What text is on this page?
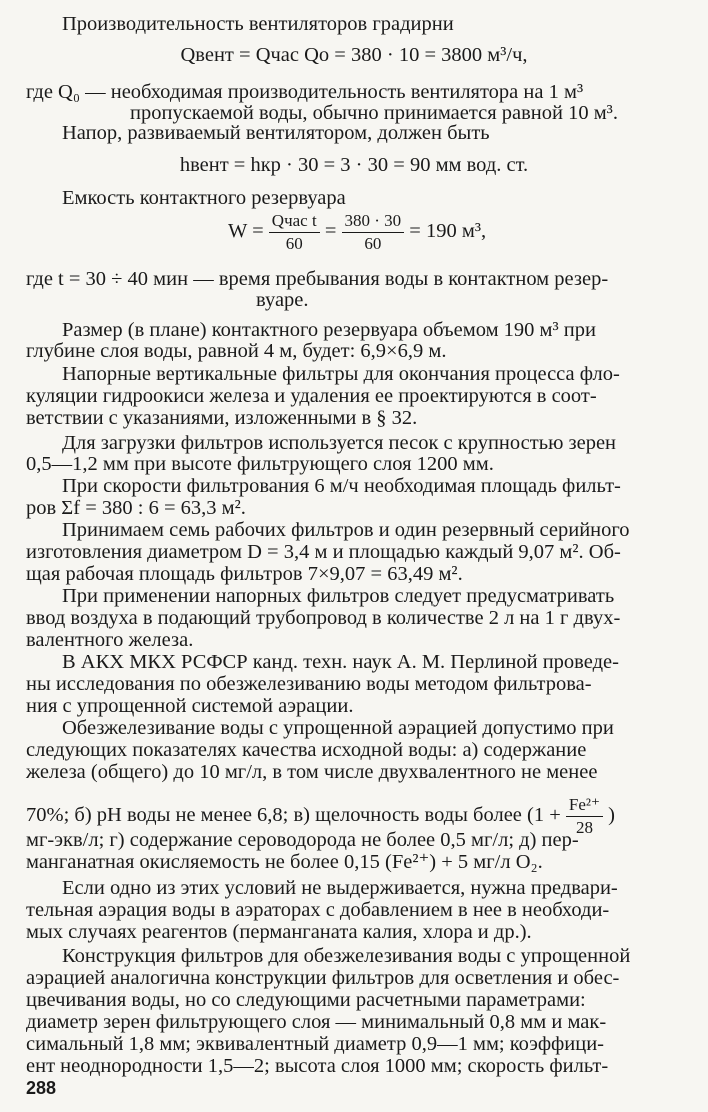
Производительность вентиляторов градирни
Qвент = Qчас Qо = 380 · 10 = 3800 м³/ч,
где Q₀ — необходимая производительность вентилятора на 1 м³
пропускаемой воды, обычно принимается равной 10 м³.
Напор, развиваемый вентилятором, должен быть
hвент = hкр · 30 = 3 · 30 = 90 мм вод. ст.
Емкость контактного резервуара
$W = \frac{\text{Qчас t}}{60} = \frac{380 \cdot 30}{60} = 190$ м³,
где t = 30 ÷ 40 мин — время пребывания воды в контактном резер-
вуаре.
Размер (в плане) контактного резервуара объемом 190 м³ при
глубине слоя воды, равной 4 м, будет: 6,9×6,9 м.
Напорные вертикальные фильтры для окончания процесса фло-
куляции гидроокиси железа и удаления ее проектируются в соот-
ветствии с указаниями, изложенными в § 32.
Для загрузки фильтров используется песок с крупностью зерен
0,5—1,2 мм при высоте фильтрующего слоя 1200 мм.
При скорости фильтрования 6 м/ч необходимая площадь фильт-
ров Σf = 380 : 6 = 63,3 м².
Принимаем семь рабочих фильтров и один резервный серийного
изготовления диаметром D = 3,4 м и площадью каждый 9,07 м². Об-
щая рабочая площадь фильтров 7×9,07 = 63,49 м².
При применении напорных фильтров следует предусматривать
ввод воздуха в подающий трубопровод в количестве 2 л на 1 г двух-
валентного железа.
В АКХ МКХ РСФСР канд. техн. наук А. М. Перлиной проведе-
ны исследования по обезжелезиванию воды методом фильтрова-
ния с упрощенной системой аэрации.
Обезжелезивание воды с упрощенной аэрацией допустимо при
следующих показателях качества исходной воды: а) содержание
железа (общего) до 10 мг/л, в том числе двухвалентного не менее
70%; б) pH воды не менее 6,8; в) щелочность воды более ($1 + \frac{\text{Fe²⁺}}{28}$ )
мг-экв/л; г) содержание сероводорода не более 0,5 мг/л; д) пер-
манганатная окисляемость не более 0,15 (Fe²⁺) + 5 мг/л O₂.
Если одно из этих условий не выдерживается, нужна предвари-
тельная аэрация воды в аэраторах с добавлением в нее в необходи-
мых случаях реагентов (перманганата калия, хлора и др.).
Конструкция фильтров для обезжелезивания воды с упрощенной
аэрацией аналогична конструкции фильтров для осветления и обес-
цвечивания воды, но со следующими расчетными параметрами:
диаметр зерен фильтрующего слоя — минимальный 0,8 мм и мак-
симальный 1,8 мм; эквивалентный диаметр 0,9—1 мм; коэффици-
ент неоднородности 1,5—2; высота слоя 1000 мм; скорость фильт-
288
